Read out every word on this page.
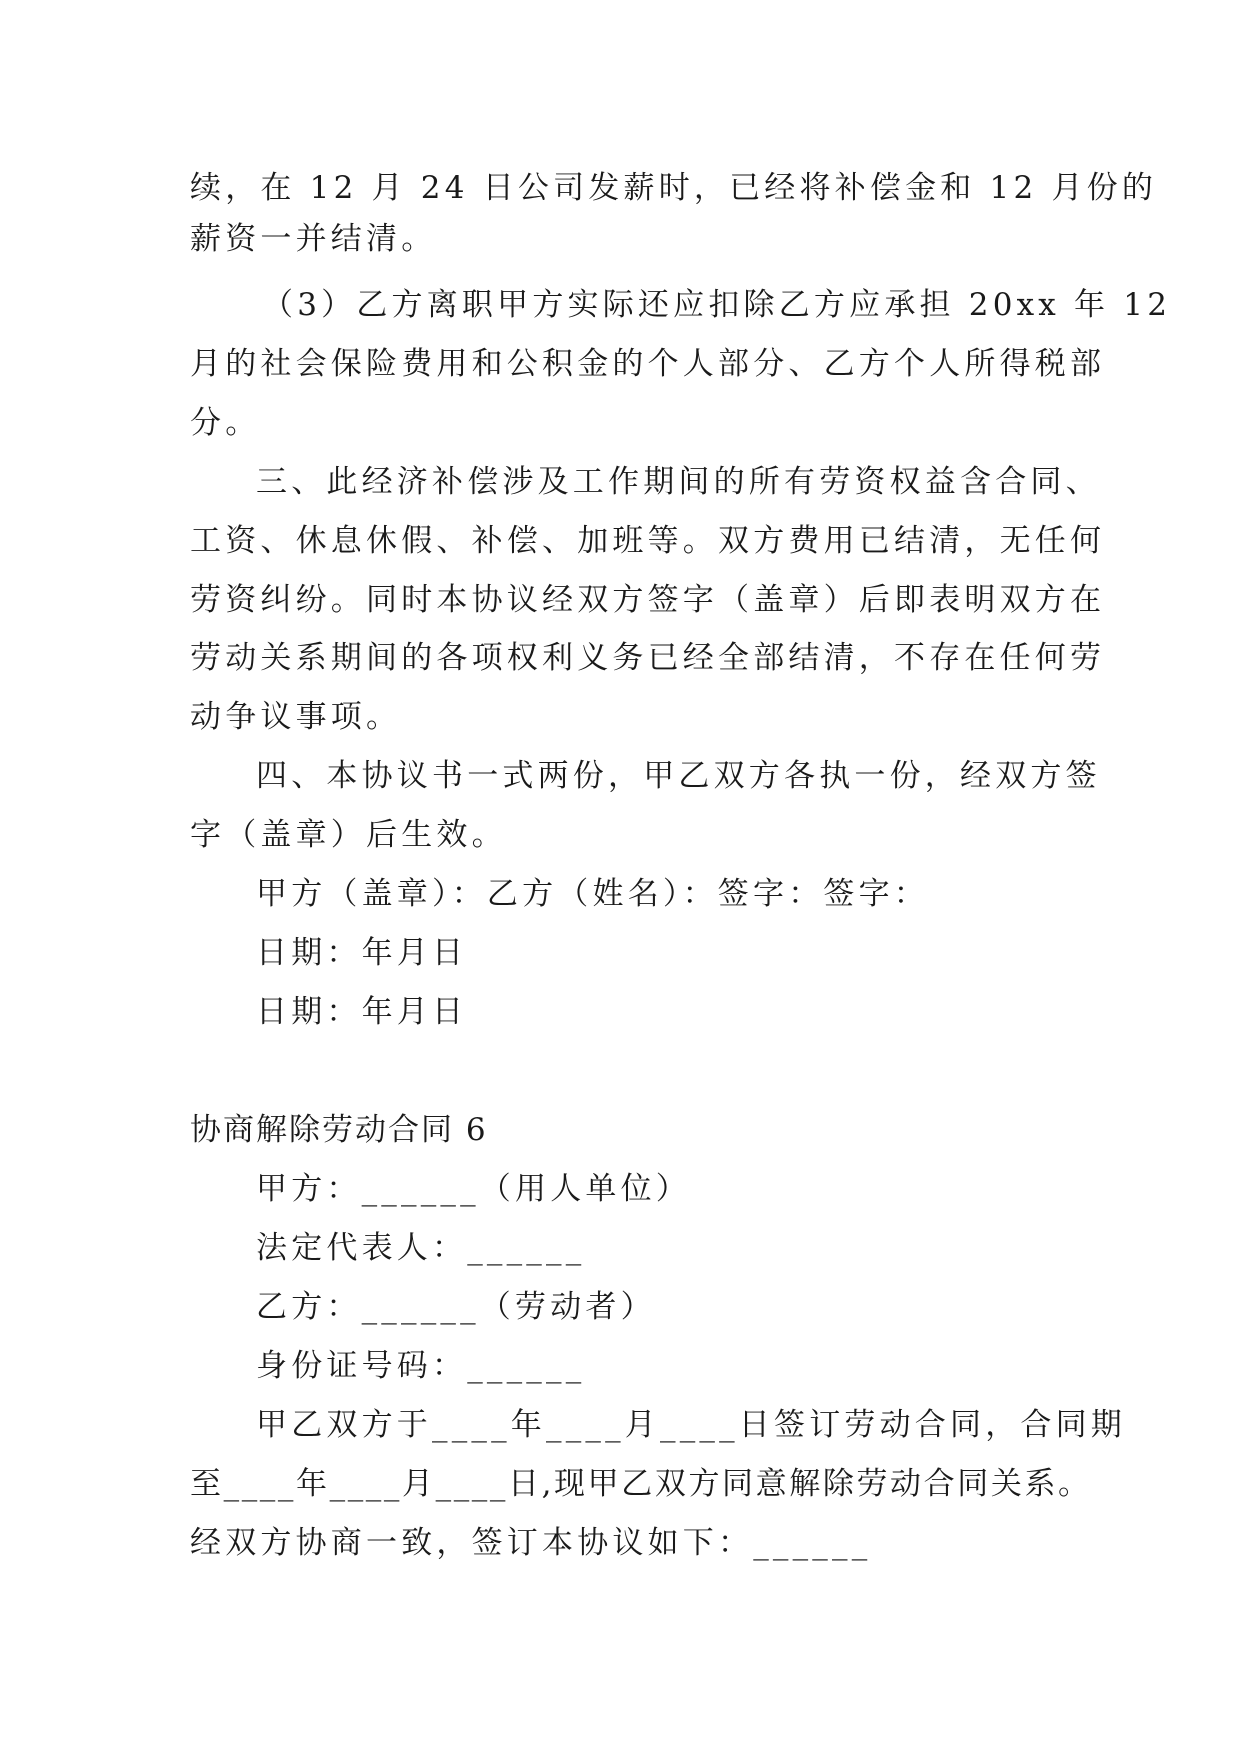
续，在 12 月 24 日公司发薪时，已经将补偿金和 12 月份的
薪资一并结清。
（3）乙方离职甲方实际还应扣除乙方应承担 20xx 年 12
月的社会保险费用和公积金的个人部分、乙方个人所得税部
分。
三、此经济补偿涉及工作期间的所有劳资权益含合同、
工资、休息休假、补偿、加班等。双方费用已结清，无任何
劳资纠纷。同时本协议经双方签字（盖章）后即表明双方在
劳动关系期间的各项权利义务已经全部结清，不存在任何劳
动争议事项。
四、本协议书一式两份，甲乙双方各执一份，经双方签
字（盖章）后生效。
甲方（盖章）：乙方（姓名）：签字：签字：
日期：年月日
日期：年月日
协商解除劳动合同 6
甲方：______（用人单位）
法定代表人：______
乙方：______（劳动者）
身份证号码：______
甲乙双方于____年____月____日签订劳动合同，合同期
至____年____月____日,现甲乙双方同意解除劳动合同关系。
经双方协商一致，签订本协议如下：______
